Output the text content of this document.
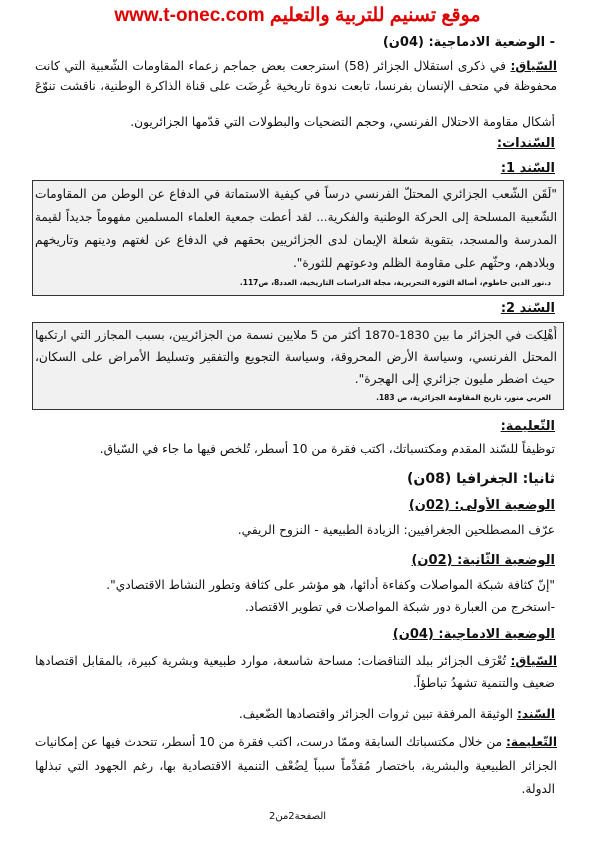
www.t-onec.com موقع تسنيم للتربية والتعليم
- الوضعية الادماجية: (04ن)
السّياق: في ذكرى استقلال الجزائر (58) استرجعت بعض جماجم زعماء المقاومات الشّعبية التي كانت
محفوظة في متحف الإنسان بفرنسا، تابعت ندوة تاريخية عُرِضَت على قناة الذاكرة الوطنية، ناقشت تنوّعَ
أشكال مقاومة الاحتلال الفرنسي، وحجم التضحيات والبطولات التي قدّمها الجزائريون.
السّندات:
السّند 1:
"لَقَن الشّعب الجزائري المحتلّ الفرنسي درساً في كيفية الاستماتة في الدفاع عن الوطن من المقاومات
الشّعبية المسلحة إلى الحركة الوطنية والفكرية... لقد أعطت جمعية العلماء المسلمين مفهوماً جديداً لقيمة
المدرسة والمسجد، بتقوية شعلة الإيمان لدى الجزائريين بحقهم في الدفاع عن لغتهم ودينهم وتاريخهم
وبلادهم، وحثّهم على مقاومة الظلم ودعوتهم للثورة".
د.نور الدين حاطوم، أصالة الثورة التحريرية، مجلة الدراسات التاريخية، العدد8، ص117.
السّند 2:
أُهْلِكت في الجزائر ما بين 1830-1870 أكثر من 5 ملايين نسمة من الجزائريين، بسبب المجازر التي ارتكبها
المحتل الفرنسي، وسياسة الأرض المحروقة، وسياسة التجويع والتفقير وتسليط الأمراض على السكان،
حيث اضطر مليون جزائري إلى الهجرة".
العربي منور، تاريخ المقاومة الجزائرية، ص 183.
التّعليمة:
توظيفاً للسّند المقدم ومكتسباتك، اكتب فقرة من 10 أسطر، تُلخص فيها ما جاء في السّياق.
ثانيا: الجغرافيا (08ن)
الوضعية الأولى: (02ن)
عرّف المصطلحين الجغرافيين: الزيادة الطبيعية - النزوح الريفي.
الوضعية الثّانية: (02ن)
"إنّ كثافة شبكة المواصلات وكفاءة أدائها، هو مؤشر على كثافة وتطور النشاط الاقتصادي".
-استخرج من العبارة دور شبكة المواصلات في تطوير الاقتصاد.
الوضعية الادماجية: (04ن)
السّياق: تُعْرَف الجزائر ببلد التناقضات: مساحة شاسعة، موارد طبيعية وبشرية كبيرة، بالمقابل اقتصادها
ضعيف والتنمية تشهدُ تباطؤاً.
السّند: الوثيقة المرفقة تبين ثروات الجزائر واقتصادها الضّعيف.
التّعليمة: من خلال مكتسباتك السابقة وممّا درست، اكتب فقرة من 10 أسطر، تتحدث فيها عن إمكانيات
الجزائر الطبيعية والبشرية، باختصار مُقدِّماً سبباً لِضُعْف التنمية الاقتصادية بها، رغم الجهود التي تبذلها
الدولة.
الصفحة2من2
